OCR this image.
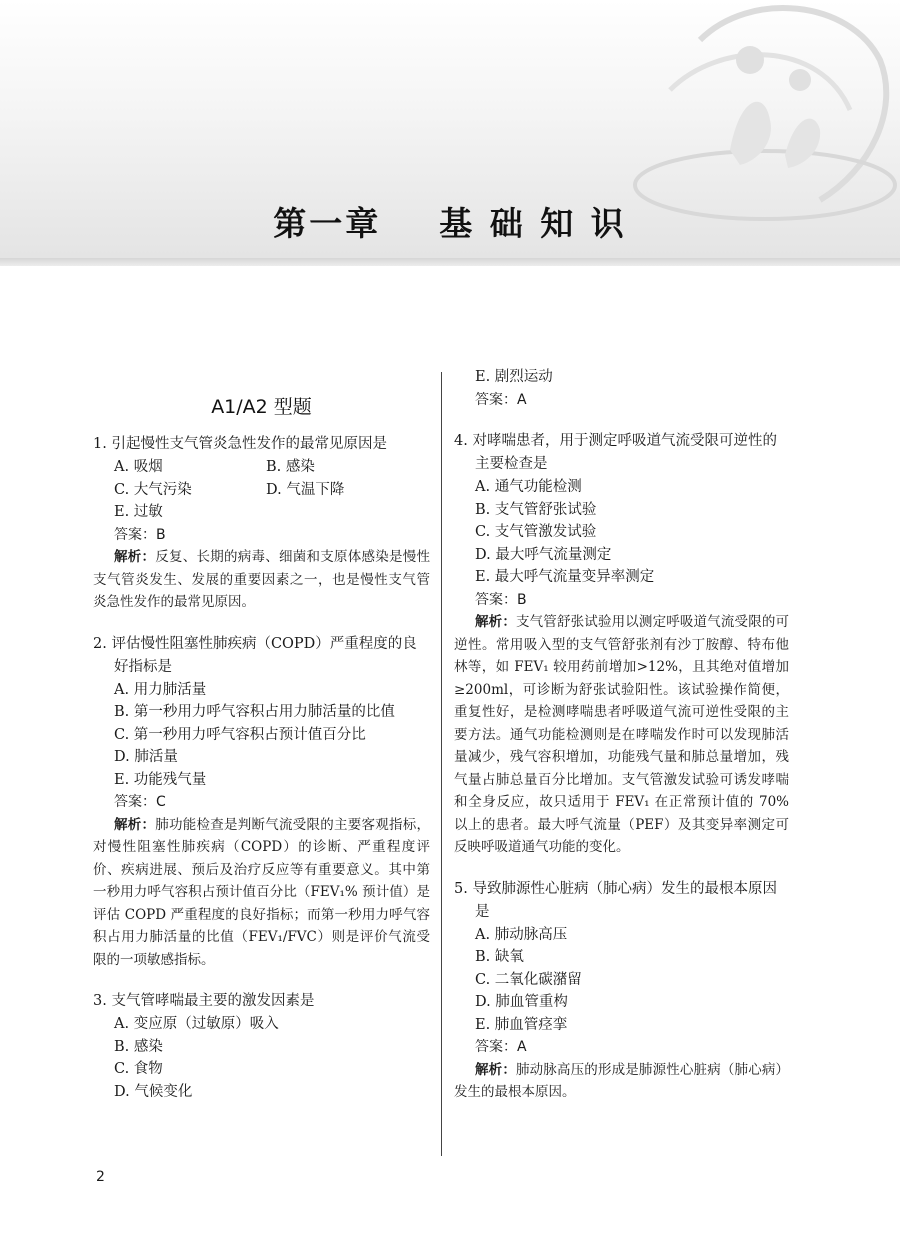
第一章    基 础 知 识
A1/A2 型题
1. 引起慢性支气管炎急性发作的最常见原因是
A. 吸烟	B. 感染
C. 大气污染	D. 气温下降
E. 过敏
答案：B
解析：反复、长期的病毒、细菌和支原体感染是慢性支气管炎发生、发展的重要因素之一，也是慢性支气管炎急性发作的最常见原因。
2. 评估慢性阻塞性肺疾病（COPD）严重程度的良好指标是
A. 用力肺活量
B. 第一秒用力呼气容积占用力肺活量的比值
C. 第一秒用力呼气容积占预计值百分比
D. 肺活量
E. 功能残气量
答案：C
解析：肺功能检查是判断气流受限的主要客观指标，对慢性阻塞性肺疾病（COPD）的诊断、严重程度评价、疾病进展、预后及治疗反应等有重要意义。其中第一秒用力呼气容积占预计值百分比（FEV₁% 预计值）是评估 COPD 严重程度的良好指标；而第一秒用力呼气容积占用力肺活量的比值（FEV₁/FVC）则是评价气流受限的一项敏感指标。
3. 支气管哮喘最主要的激发因素是
A. 变应原（过敏原）吸入
B. 感染
C. 食物
D. 气候变化
E. 剧烈运动
答案：A
4. 对哮喘患者，用于测定呼吸道气流受限可逆性的主要检查是
A. 通气功能检测
B. 支气管舒张试验
C. 支气管激发试验
D. 最大呼气流量测定
E. 最大呼气流量变异率测定
答案：B
解析：支气管舒张试验用以测定呼吸道气流受限的可逆性。常用吸入型的支气管舒张剂有沙丁胺醇、特布他林等，如 FEV₁ 较用药前增加>12%，且其绝对值增加≥200ml，可诊断为舒张试验阳性。该试验操作简便，重复性好，是检测哮喘患者呼吸道气流可逆性受限的主要方法。通气功能检测则是在哮喘发作时可以发现肺活量减少，残气容积增加，功能残气量和肺总量增加，残气量占肺总量百分比增加。支气管激发试验可诱发哮喘和全身反应，故只适用于 FEV₁ 在正常预计值的 70% 以上的患者。最大呼气流量（PEF）及其变异率测定可反映呼吸道通气功能的变化。
5. 导致肺源性心脏病（肺心病）发生的最根本原因是
A. 肺动脉高压
B. 缺氧
C. 二氧化碳潴留
D. 肺血管重构
E. 肺血管痉挛
答案：A
解析：肺动脉高压的形成是肺源性心脏病（肺心病）发生的最根本原因。
2
